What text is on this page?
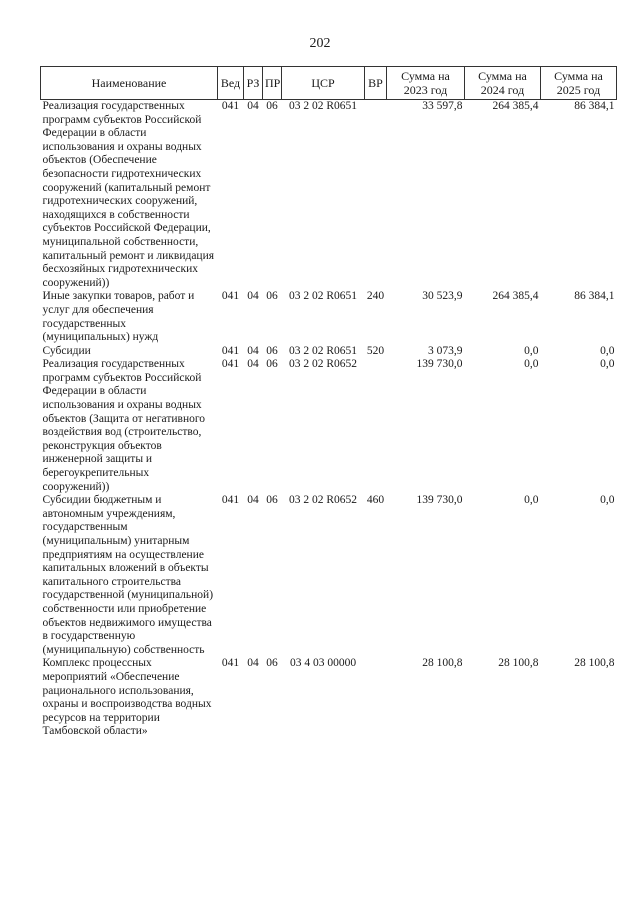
202
Наименование	Вед	РЗ	ПР	ЦСР	ВР	Сумма на 2023 год	Сумма на 2024 год	Сумма на 2025 год
Реализация государственных программ субъектов Российской Федерации в области использования и охраны водных объектов (Обеспечение безопасности гидротехнических сооружений (капитальный ремонт гидротехнических сооружений, находящихся в собственности субъектов Российской Федерации, муниципальной собственности, капитальный ремонт и ликвидация бесхозяйных гидротехнических сооружений))	041	04	06	03 2 02 R0651		33 597,8	264 385,4	86 384,1
Иные закупки товаров, работ и услуг для обеспечения государственных (муниципальных) нужд	041	04	06	03 2 02 R0651	240	30 523,9	264 385,4	86 384,1
Субсидии	041	04	06	03 2 02 R0651	520	3 073,9	0,0	0,0
Реализация государственных программ субъектов Российской Федерации в области использования и охраны водных объектов (Защита от негативного воздействия вод (строительство, реконструкция объектов инженерной защиты и берегоукрепительных сооружений))	041	04	06	03 2 02 R0652		139 730,0	0,0	0,0
Субсидии бюджетным и автономным учреждениям, государственным (муниципальным) унитарным предприятиям на осуществление капитальных вложений в объекты капитального строительства государственной (муниципальной) собственности или приобретение объектов недвижимого имущества в государственную (муниципальную) собственность	041	04	06	03 2 02 R0652	460	139 730,0	0,0	0,0
Комплекс процессных мероприятий «Обеспечение рационального использования, охраны и воспроизводства водных ресурсов на территории Тамбовской области»	041	04	06	03 4 03 00000		28 100,8	28 100,8	28 100,8
